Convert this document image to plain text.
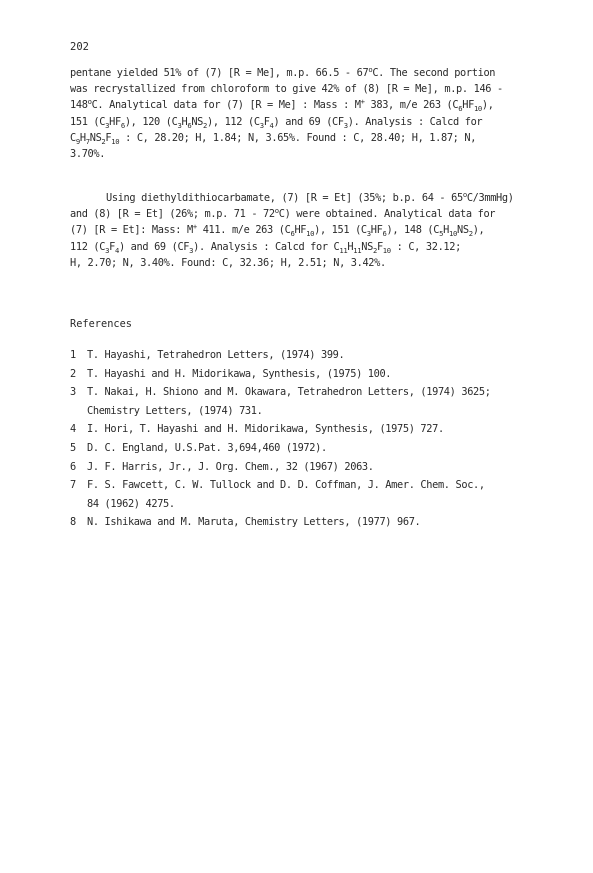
202
pentane yielded 51% of (7) [R = Me], m.p. 66.5 - 67$^o$C. The second portion
was recrystallized from chloroform to give 42% of (8) [R = Me], m.p. 146 -
148$^o$C. Analytical data for (7) [R = Me] : Mass : M+ 383, m/e 263 $(C_6HF_{10})$,
151 $(C_3HF_6)$, 120 $(C_3H_6NS_2)$, 112 $(C_3F_4)$ and 69 $(CF_3)$. Analysis : Calcd for
$C_9H_7NS_2F_{10}$ : C, 28.20; H, 1.84; N, 3.65%. Found : C, 28.40; H, 1.87; N,
3.70%.
Using diethyldithiocarbamate, (7) [R = Et] (35%; b.p. 64 - 65$^o$C/3mmHg)
and (8) [R = Et] (26%; m.p. 71 - 72$^o$C) were obtained. Analytical data for
(7) [R = Et]: Mass: M+ 411. m/e 263 $(C_6HF_{10})$, 151 $(C_3HF_6)$, 148 $(C_5H_{10}NS_2)$,
112 $(C_3F_4)$ and 69 $(CF_3)$. Analysis : Calcd for $C_{11}H_{11}NS_2F_{10}$ : C, 32.12;
H, 2.70; N, 3.40%. Found: C, 32.36; H, 2.51; N, 3.42%.
References
1	T. Hayashi, Tetrahedron Letters, (1974) 399.
2	T. Hayashi and H. Midorikawa, Synthesis, (1975) 100.
3	T. Nakai, H. Shiono and M. Okawara, Tetrahedron Letters, (1974) 3625;
Chemistry Letters, (1974) 731.
4	I. Hori, T. Hayashi and H. Midorikawa, Synthesis, (1975) 727.
5	D. C. England, U.S.Pat. 3,694,460 (1972).
6	J. F. Harris, Jr., J. Org. Chem., 32 (1967) 2063.
7	F. S. Fawcett, C. W. Tullock and D. D. Coffman, J. Amer. Chem. Soc.,
84 (1962) 4275.
8	N. Ishikawa and M. Maruta, Chemistry Letters, (1977) 967.
